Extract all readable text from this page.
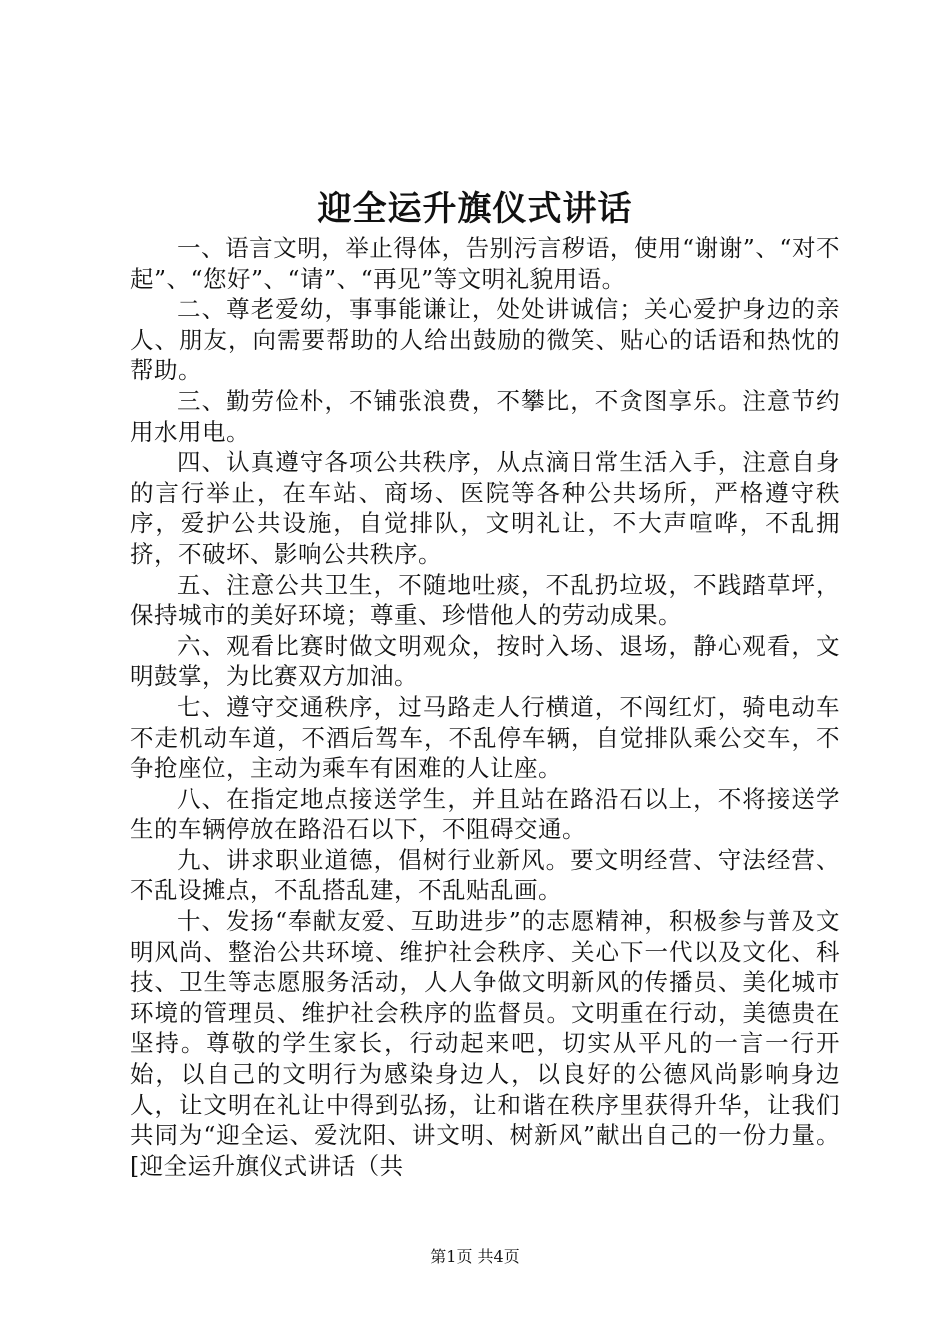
迎全运升旗仪式讲话

一、语言文明，举止得体，告别污言秽语，使用“谢谢”、“对不起”、“您好”、“请”、“再见”等文明礼貌用语。

二、尊老爱幼，事事能谦让，处处讲诚信；关心爱护身边的亲人、朋友，向需要帮助的人给出鼓励的微笑、贴心的话语和热忱的帮助。

三、勤劳俭朴，不铺张浪费，不攀比，不贪图享乐。注意节约用水用电。

四、认真遵守各项公共秩序，从点滴日常生活入手，注意自身的言行举止，在车站、商场、医院等各种公共场所，严格遵守秩序，爱护公共设施，自觉排队，文明礼让，不大声喧哗，不乱拥挤，不破坏、影响公共秩序。

五、注意公共卫生，不随地吐痰，不乱扔垃圾，不践踏草坪，保持城市的美好环境；尊重、珍惜他人的劳动成果。

六、观看比赛时做文明观众，按时入场、退场，静心观看，文明鼓掌，为比赛双方加油。

七、遵守交通秩序，过马路走人行横道，不闯红灯，骑电动车不走机动车道，不酒后驾车，不乱停车辆，自觉排队乘公交车，不争抢座位，主动为乘车有困难的人让座。

八、在指定地点接送学生，并且站在路沿石以上，不将接送学生的车辆停放在路沿石以下，不阻碍交通。

九、讲求职业道德，倡树行业新风。要文明经营、守法经营、不乱设摊点，不乱搭乱建，不乱贴乱画。

十、发扬“奉献友爱、互助进步”的志愿精神，积极参与普及文明风尚、整治公共环境、维护社会秩序、关心下一代以及文化、科技、卫生等志愿服务活动，人人争做文明新风的传播员、美化城市环境的管理员、维护社会秩序的监督员。文明重在行动，美德贵在坚持。尊敬的学生家长，行动起来吧，切实从平凡的一言一行开始，以自己的文明行为感染身边人，以良好的公德风尚影响身边人，让文明在礼让中得到弘扬，让和谐在秩序里获得升华，让我们共同为“迎全运、爱沈阳、讲文明、树新风”献出自己的一份力量。[迎全运升旗仪式讲话（共

第1页 共4页
